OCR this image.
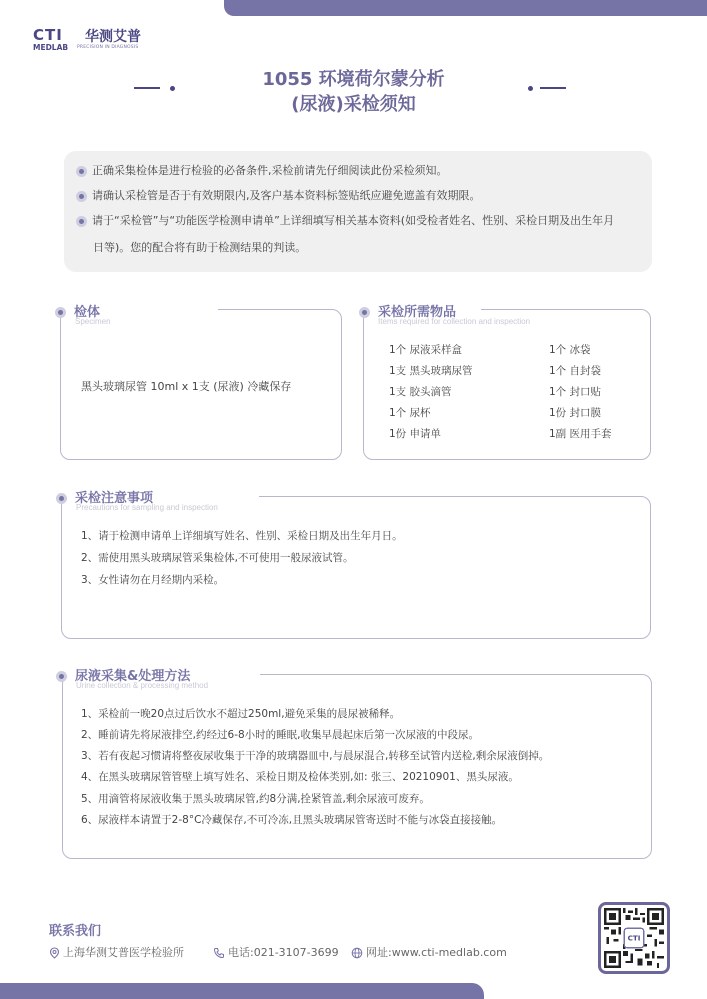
CTI 华测艾普
MEDLAB PRECISION IN DIAGNOSIS
1055 环境荷尔蒙分析
(尿液)采检须知
正确采集检体是进行检验的必备条件,采检前请先仔细阅读此份采检须知。
请确认采检管是否于有效期限内,及客户基本资料标签贴纸应避免遮盖有效期限。
请于“采检管”与“功能医学检测申请单”上详细填写相关基本资料(如受检者姓名、性别、采检日期及出生年月
日等)。您的配合将有助于检测结果的判读。
检体
Specimen
黑头玻璃尿管 10ml x 1支 (尿液) 冷藏保存
采检所需物品
Items required for collection and inspection
1个 尿液采样盒
1支 黑头玻璃尿管
1支 胶头滴管
1个 尿杯
1份 申请单
1个 冰袋
1个 自封袋
1个 封口贴
1份 封口膜
1副 医用手套
采检注意事项
Precautions for sampling and inspection
1、请于检测申请单上详细填写姓名、性别、采检日期及出生年月日。
2、需使用黑头玻璃尿管采集检体,不可使用一般尿液试管。
3、女性请勿在月经期内采检。
尿液采集&处理方法
Urine collection & processing method
1、采检前一晚20点过后饮水不超过250ml,避免采集的晨尿被稀释。
2、睡前请先将尿液排空,约经过6-8小时的睡眠,收集早晨起床后第一次尿液的中段尿。
3、若有夜起习惯请将整夜尿收集于干净的玻璃器皿中,与晨尿混合,转移至试管内送检,剩余尿液倒掉。
4、在黑头玻璃尿管管壁上填写姓名、采检日期及检体类别,如: 张三、20210901、黑头尿液。
5、用滴管将尿液收集于黑头玻璃尿管,约8分满,拴紧管盖,剩余尿液可废弃。
6、尿液样本请置于2-8°C冷藏保存,不可冷冻,且黑头玻璃尿管寄送时不能与冰袋直接接触。
联系我们
上海华测艾普医学检验所	电话:021-3107-3699	网址:www.cti-medlab.com
CTI
